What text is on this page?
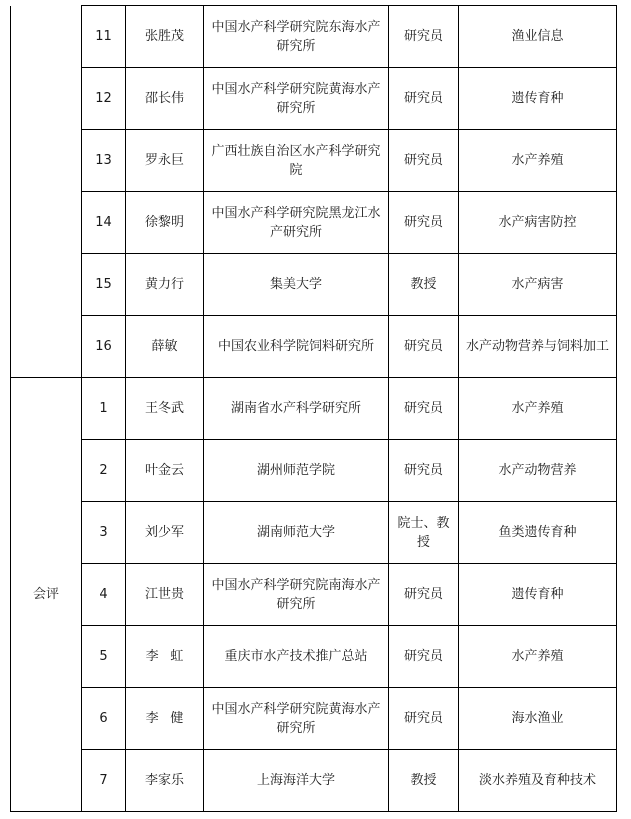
	11	张胜茂	中国水产科学研究院东海水产研究所	研究员	渔业信息
	12	邵长伟	中国水产科学研究院黄海水产研究所	研究员	遗传育种
	13	罗永巨	广西壮族自治区水产科学研究院	研究员	水产养殖
	14	徐黎明	中国水产科学研究院黑龙江水产研究所	研究员	水产病害防控
	15	黄力行	集美大学	教授	水产病害
	16	薛敏	中国农业科学院饲料研究所	研究员	水产动物营养与饲料加工
会评	1	王冬武	湖南省水产科学研究所	研究员	水产养殖
	2	叶金云	湖州师范学院	研究员	水产动物营养
	3	刘少军	湖南师范大学	院士、教授	鱼类遗传育种
	4	江世贵	中国水产科学研究院南海水产研究所	研究员	遗传育种
	5	李虹	重庆市水产技术推广总站	研究员	水产养殖
	6	李健	中国水产科学研究院黄海水产研究所	研究员	海水渔业
	7	李家乐	上海海洋大学	教授	淡水养殖及育种技术
